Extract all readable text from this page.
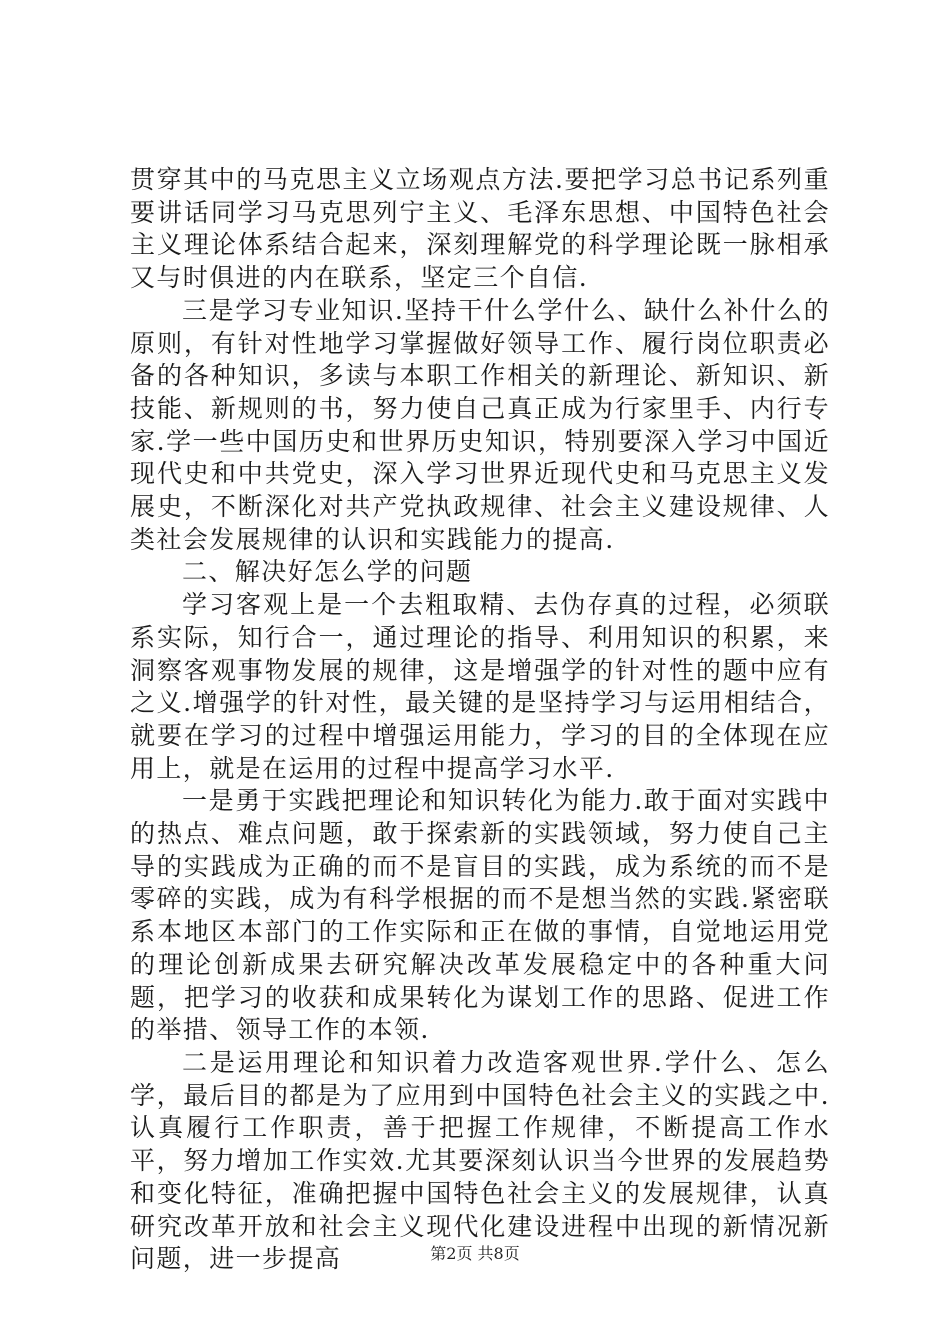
贯穿其中的马克思主义立场观点方法.要把学习总书记系列重要讲话同学习马克思列宁主义、毛泽东思想、中国特色社会主义理论体系结合起来，深刻理解党的科学理论既一脉相承又与时俱进的内在联系，坚定三个自信.

三是学习专业知识.坚持干什么学什么、缺什么补什么的原则，有针对性地学习掌握做好领导工作、履行岗位职责必备的各种知识，多读与本职工作相关的新理论、新知识、新技能、新规则的书，努力使自己真正成为行家里手、内行专家.学一些中国历史和世界历史知识，特别要深入学习中国近现代史和中共党史，深入学习世界近现代史和马克思主义发展史，不断深化对共产党执政规律、社会主义建设规律、人类社会发展规律的认识和实践能力的提高.

二、解决好怎么学的问题

学习客观上是一个去粗取精、去伪存真的过程，必须联系实际，知行合一，通过理论的指导、利用知识的积累，来洞察客观事物发展的规律，这是增强学的针对性的题中应有之义.增强学的针对性，最关键的是坚持学习与运用相结合，就要在学习的过程中增强运用能力，学习的目的全体现在应用上，就是在运用的过程中提高学习水平.

一是勇于实践把理论和知识转化为能力.敢于面对实践中的热点、难点问题，敢于探索新的实践领域，努力使自己主导的实践成为正确的而不是盲目的实践，成为系统的而不是零碎的实践，成为有科学根据的而不是想当然的实践.紧密联系本地区本部门的工作实际和正在做的事情，自觉地运用党的理论创新成果去研究解决改革发展稳定中的各种重大问题，把学习的收获和成果转化为谋划工作的思路、促进工作的举措、领导工作的本领.

二是运用理论和知识着力改造客观世界.学什么、怎么学，最后目的都是为了应用到中国特色社会主义的实践之中.认真履行工作职责，善于把握工作规律，不断提高工作水平，努力增加工作实效.尤其要深刻认识当今世界的发展趋势和变化特征，准确把握中国特色社会主义的发展规律，认真研究改革开放和社会主义现代化建设进程中出现的新情况新问题，进一步提高	第2页 共8页
